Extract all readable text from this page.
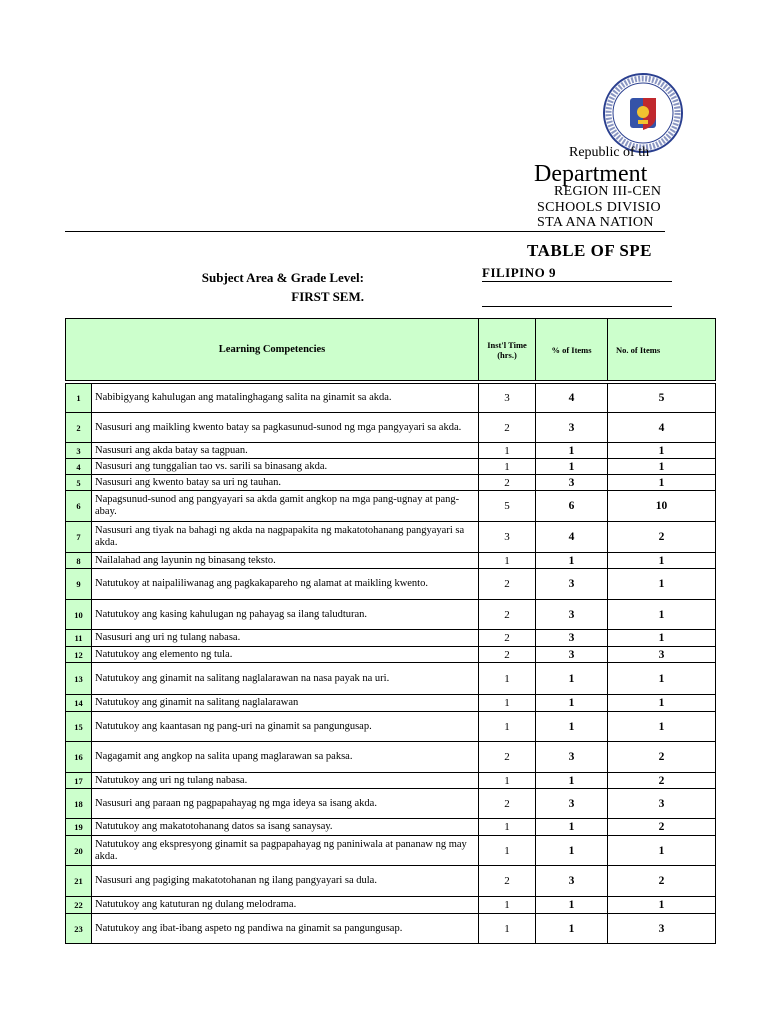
Republic of th
Department
REGION III-CEN
SCHOOLS DIVISIO
STA ANA NATION
TABLE OF SPE
Subject Area & Grade Level:	FILIPINO 9
FIRST SEM.
Learning Competencies		Inst'l Time (hrs.)	% of Items	No. of Items

1	Nabibigyang kahulugan ang matalinghagang salita na ginamit sa akda.	3	4	5
2	Nasusuri ang maikling kwento batay sa pagkasunud-sunod ng mga pangyayari sa akda.	2	3	4
3	Nasusuri ang akda batay sa tagpuan.	1	1	1
4	Nasusuri ang tunggalian tao vs. sarili sa binasang akda.	1	1	1
5	Nasusuri ang kwento batay sa uri ng tauhan.	2	3	1
6	Napagsunud-sunod ang pangyayari sa akda gamit angkop na mga pang-ugnay at pang-abay.	5	6	10
7	Nasusuri ang tiyak na bahagi ng akda na nagpapakita ng makatotohanang pangyayari sa akda.	3	4	2
8	Nailalahad ang layunin ng binasang teksto.	1	1	1
9	Natutukoy at naipaliliwanag ang pagkakapareho ng alamat at maikling kwento.	2	3	1
10	Natutukoy ang kasing kahulugan ng pahayag sa ilang taludturan.	2	3	1
11	Nasusuri ang uri ng tulang nabasa.	2	3	1
12	Natutukoy ang elemento ng tula.	2	3	3
13	Natutukoy ang ginamit na salitang naglalarawan na nasa payak na uri.	1	1	1
14	Natutukoy ang ginamit na salitang naglalarawan	1	1	1
15	Natutukoy ang kaantasan ng pang-uri na ginamit sa pangungusap.	1	1	1
16	Nagagamit ang angkop na salita upang maglarawan sa paksa.	2	3	2
17	Natutukoy ang uri ng tulang nabasa.	1	1	2
18	Nasusuri ang paraan ng pagpapahayag ng mga ideya sa isang akda.	2	3	3
19	Natutukoy ang makatotohanang datos sa isang sanaysay.	1	1	2
20	Natutukoy ang ekspresyong ginamit sa pagpapahayag ng paniniwala at pananaw ng may akda.	1	1	1
21	Nasusuri ang pagiging makatotohanan ng ilang pangyayari sa dula.	2	3	2
22	Natutukoy ang katuturan ng dulang melodrama.	1	1	1
23	Natutukoy ang ibat-ibang aspeto ng pandiwa na ginamit sa pangungusap.	1	1	3
